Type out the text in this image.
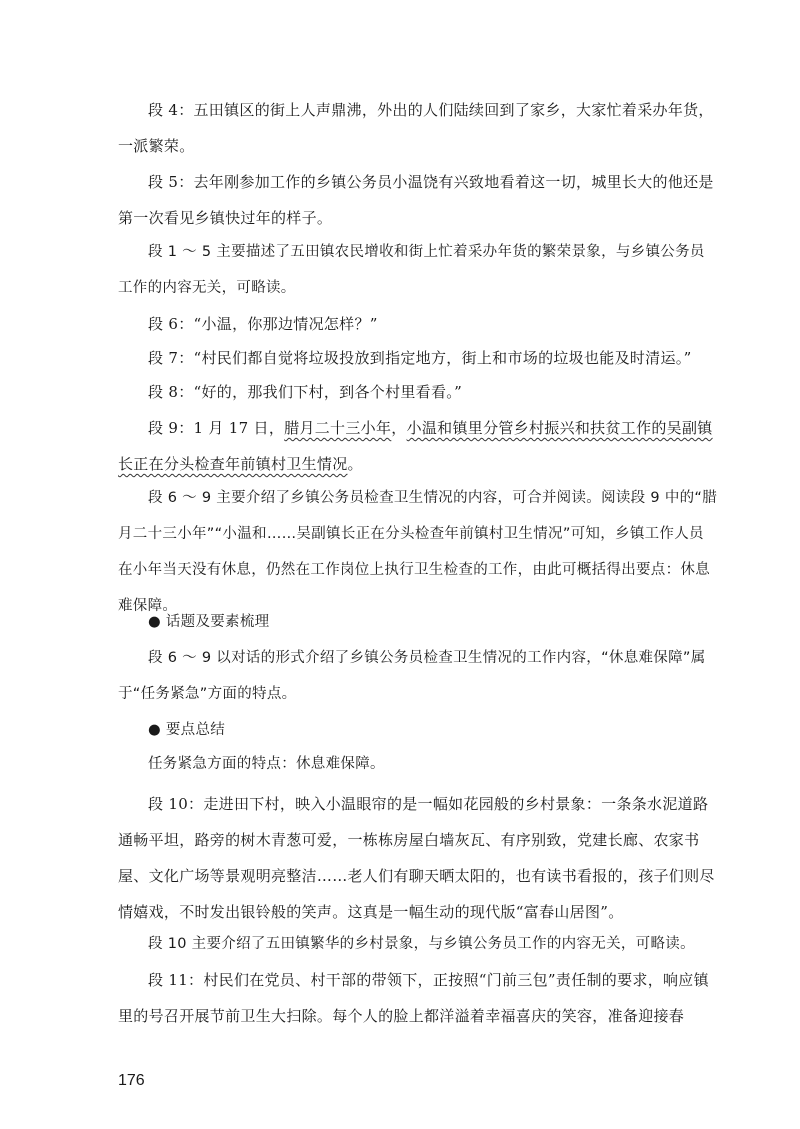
段 4：五田镇区的街上人声鼎沸，外出的人们陆续回到了家乡，大家忙着采办年货，一派繁荣。

段 5：去年刚参加工作的乡镇公务员小温饶有兴致地看着这一切，城里长大的他还是第一次看见乡镇快过年的样子。

段 1 ～ 5 主要描述了五田镇农民增收和街上忙着采办年货的繁荣景象，与乡镇公务员工作的内容无关，可略读。

段 6：“小温，你那边情况怎样？”

段 7：“村民们都自觉将垃圾投放到指定地方，街上和市场的垃圾也能及时清运。”

段 8：“好的，那我们下村，到各个村里看看。”

段 9：1 月 17 日，腊月二十三小年，小温和镇里分管乡村振兴和扶贫工作的吴副镇长正在分头检查年前镇村卫生情况。

段 6 ～ 9 主要介绍了乡镇公务员检查卫生情况的内容，可合并阅读。阅读段 9 中的“腊月二十三小年”“小温和……吴副镇长正在分头检查年前镇村卫生情况”可知，乡镇工作人员在小年当天没有休息，仍然在工作岗位上执行卫生检查的工作，由此可概括得出要点：休息难保障。

● 话题及要素梳理

段 6 ～ 9 以对话的形式介绍了乡镇公务员检查卫生情况的工作内容，“休息难保障”属于“任务紧急”方面的特点。

● 要点总结

任务紧急方面的特点：休息难保障。

段 10：走进田下村，映入小温眼帘的是一幅如花园般的乡村景象：一条条水泥道路通畅平坦，路旁的树木青葱可爱，一栋栋房屋白墙灰瓦、有序别致，党建长廊、农家书屋、文化广场等景观明亮整洁……老人们有聊天晒太阳的，也有读书看报的，孩子们则尽情嬉戏，不时发出银铃般的笑声。这真是一幅生动的现代版“富春山居图”。

段 10 主要介绍了五田镇繁华的乡村景象，与乡镇公务员工作的内容无关，可略读。

段 11：村民们在党员、村干部的带领下，正按照“门前三包”责任制的要求，响应镇里的号召开展节前卫生大扫除。每个人的脸上都洋溢着幸福喜庆的笑容，准备迎接春

176
